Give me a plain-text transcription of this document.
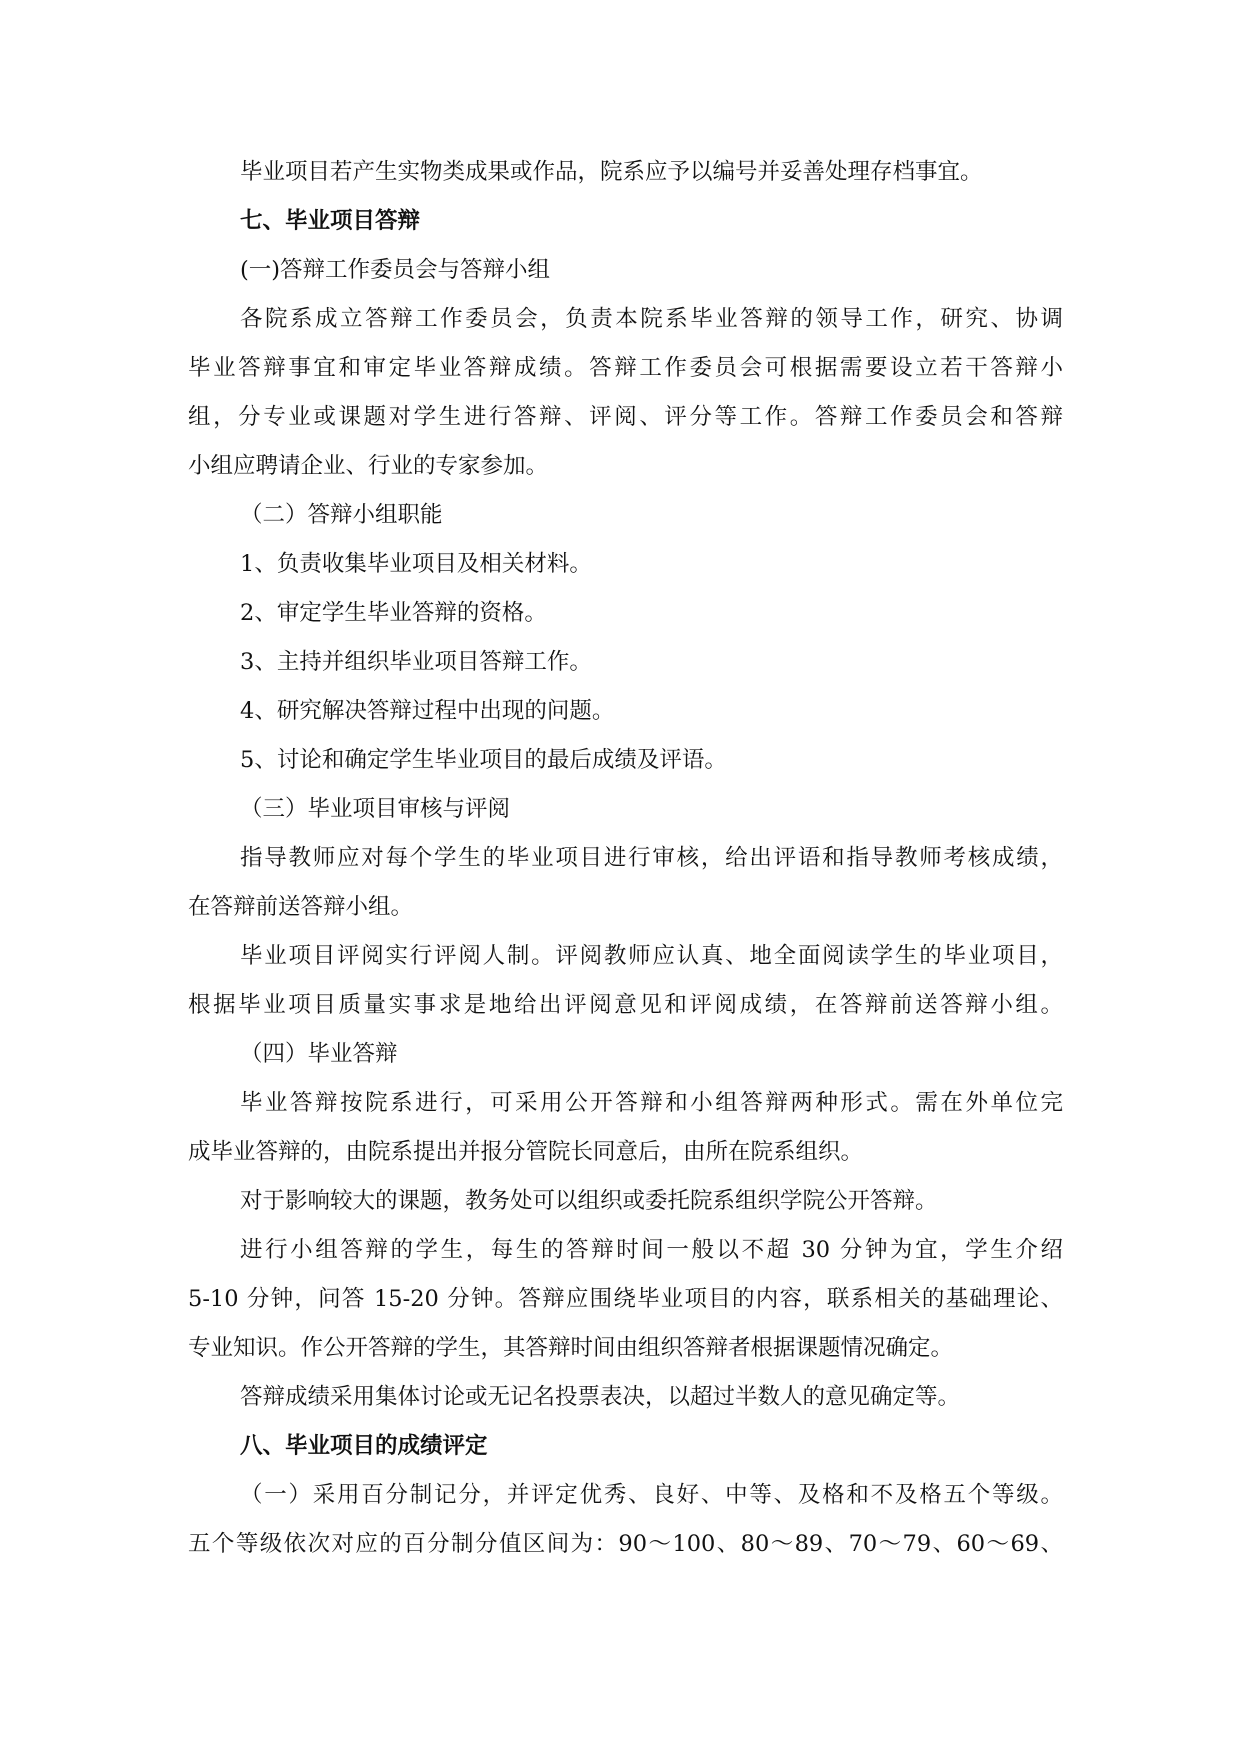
毕业项目若产生实物类成果或作品，院系应予以编号并妥善处理存档事宜。
七、毕业项目答辩
(一)答辩工作委员会与答辩小组
各院系成立答辩工作委员会，负责本院系毕业答辩的领导工作，研究、协调
毕业答辩事宜和审定毕业答辩成绩。答辩工作委员会可根据需要设立若干答辩小
组，分专业或课题对学生进行答辩、评阅、评分等工作。答辩工作委员会和答辩
小组应聘请企业、行业的专家参加。
（二）答辩小组职能
1、负责收集毕业项目及相关材料。
2、审定学生毕业答辩的资格。
3、主持并组织毕业项目答辩工作。
4、研究解决答辩过程中出现的问题。
5、讨论和确定学生毕业项目的最后成绩及评语。
（三）毕业项目审核与评阅
指导教师应对每个学生的毕业项目进行审核，给出评语和指导教师考核成绩，
在答辩前送答辩小组。
毕业项目评阅实行评阅人制。评阅教师应认真、地全面阅读学生的毕业项目，
根据毕业项目质量实事求是地给出评阅意见和评阅成绩，在答辩前送答辩小组。
（四）毕业答辩
毕业答辩按院系进行，可采用公开答辩和小组答辩两种形式。需在外单位完
成毕业答辩的，由院系提出并报分管院长同意后，由所在院系组织。
对于影响较大的课题，教务处可以组织或委托院系组织学院公开答辩。
进行小组答辩的学生，每生的答辩时间一般以不超 30 分钟为宜，学生介绍
5-10 分钟，问答 15-20 分钟。答辩应围绕毕业项目的内容，联系相关的基础理论、
专业知识。作公开答辩的学生，其答辩时间由组织答辩者根据课题情况确定。
答辩成绩采用集体讨论或无记名投票表决，以超过半数人的意见确定等。
八、毕业项目的成绩评定
（一）采用百分制记分，并评定优秀、良好、中等、及格和不及格五个等级。
五个等级依次对应的百分制分值区间为：90～100、80～89、70～79、60～69、
